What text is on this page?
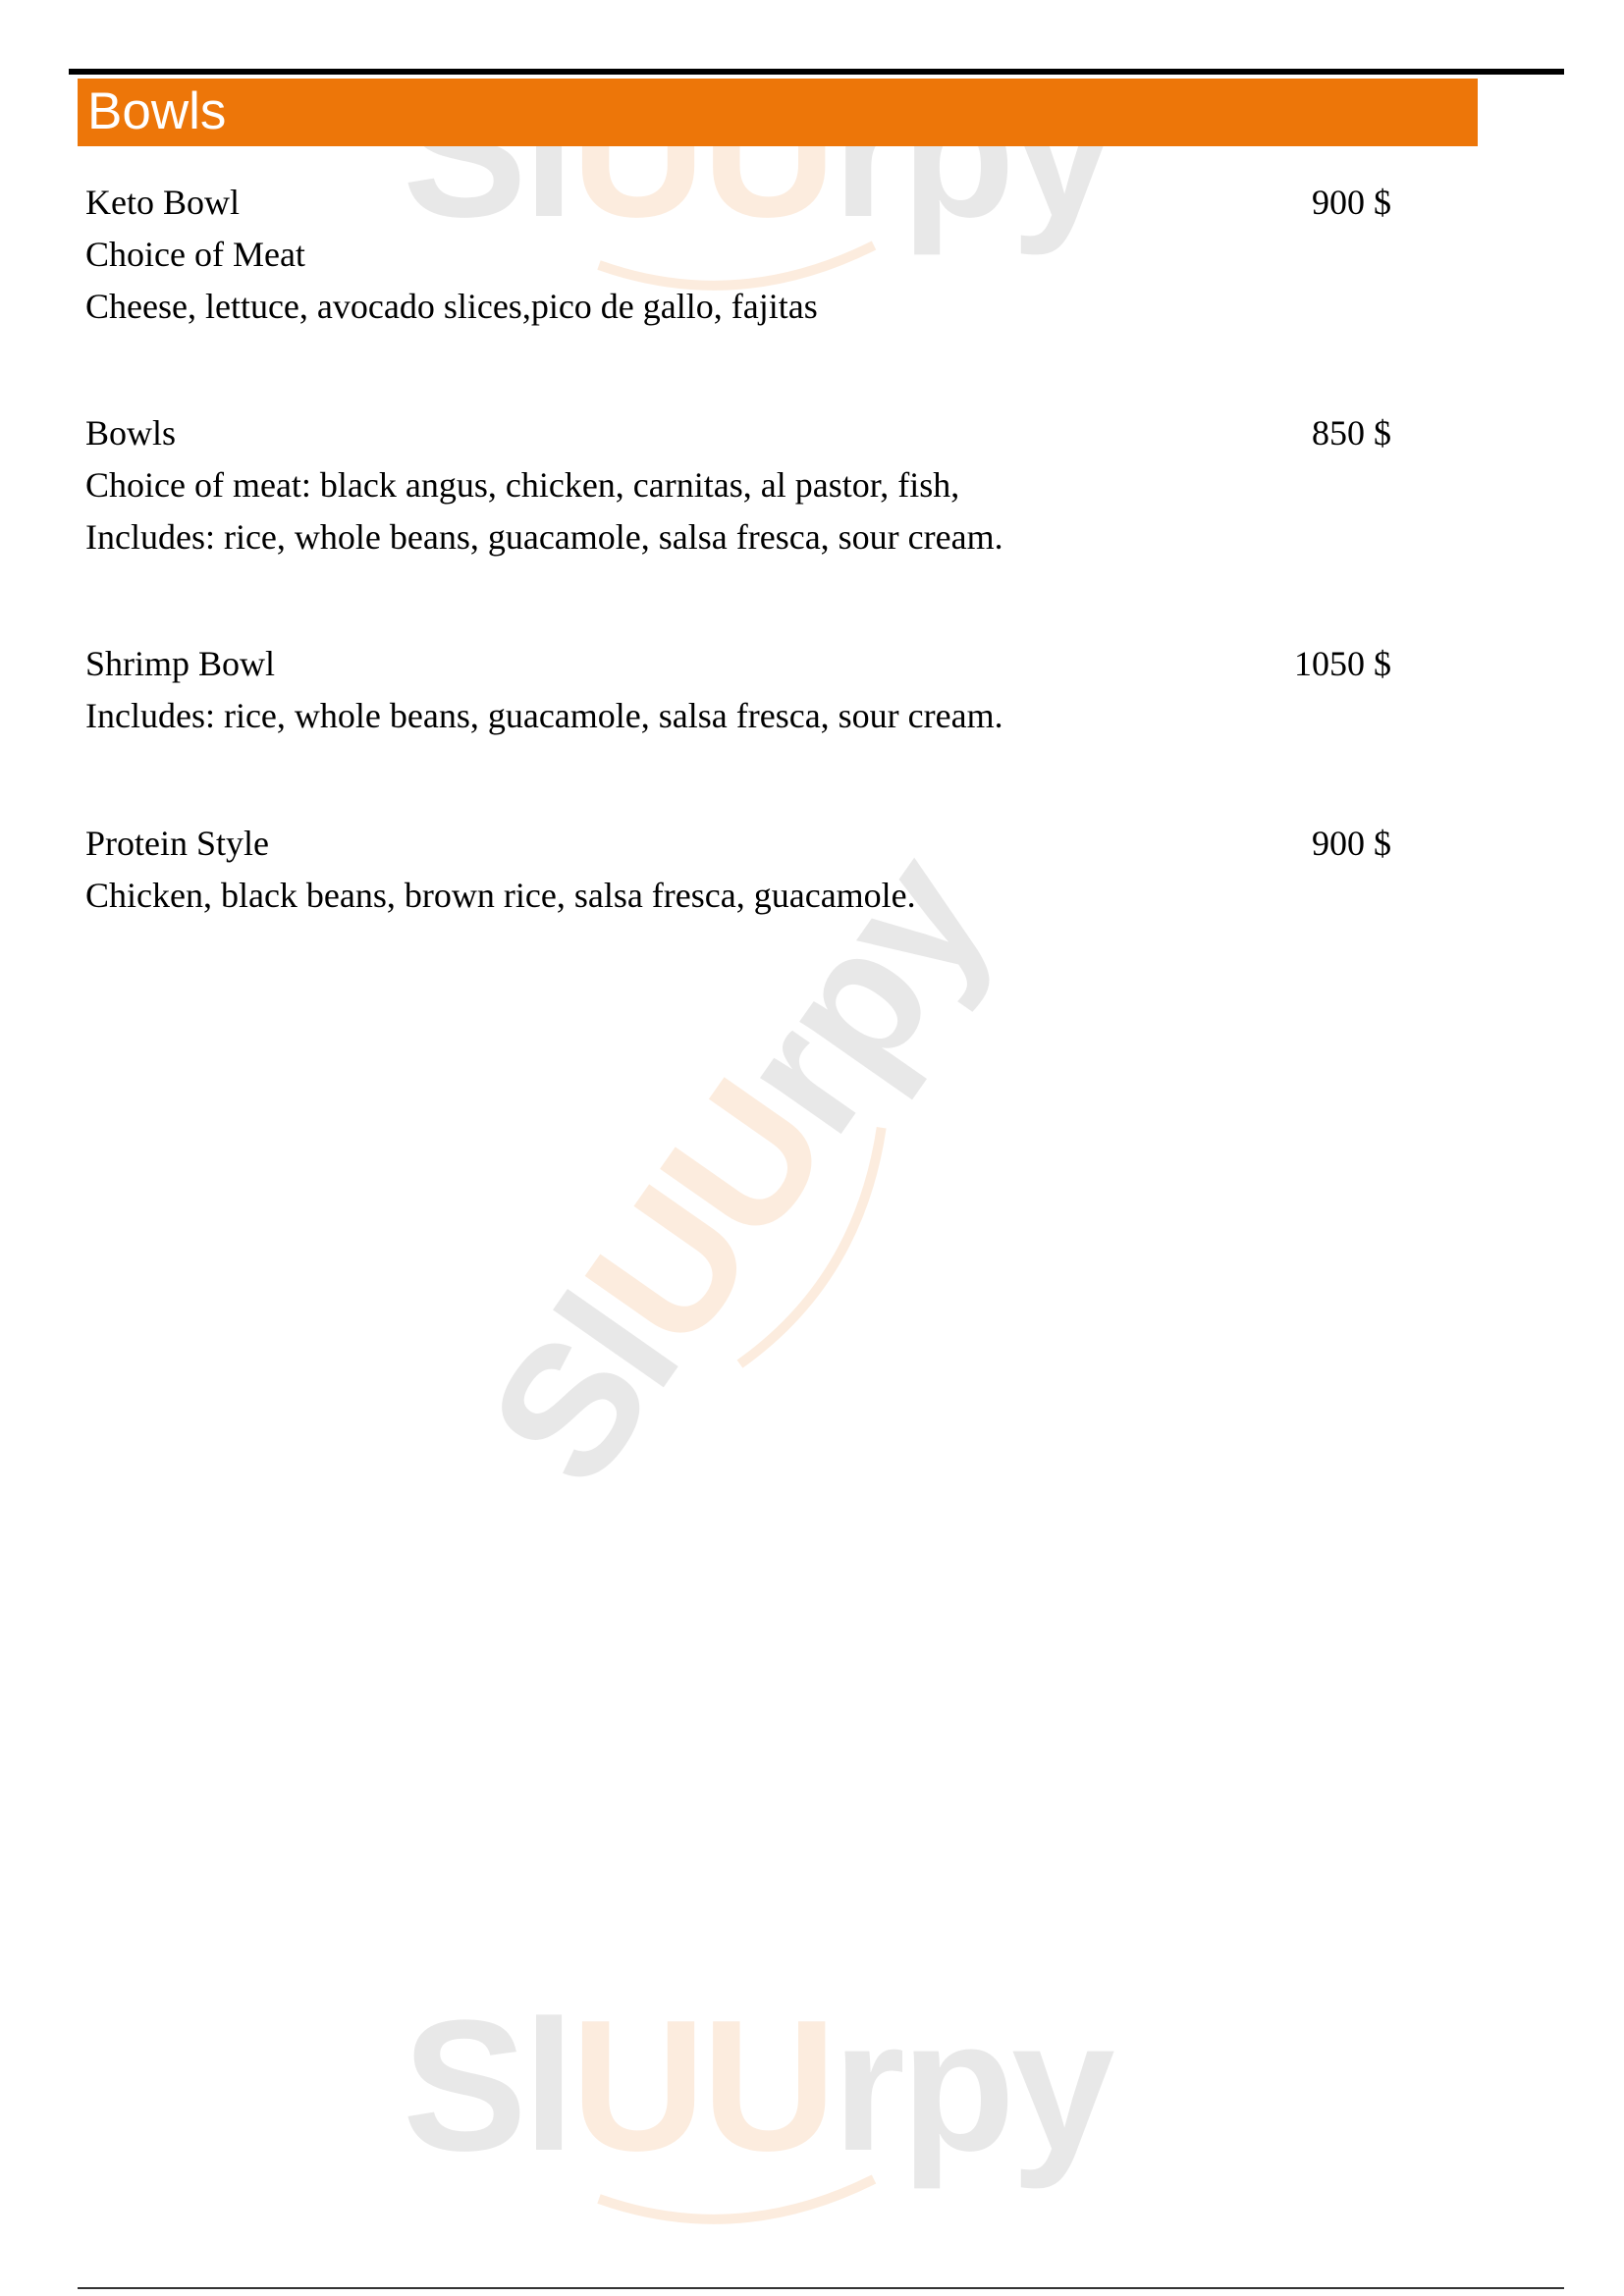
SlUUrpy
SlUUrpy
SlUUrpy
Bowls
Keto Bowl
Choice of Meat
Cheese, lettuce, avocado slices,pico de gallo, fajitas
900 $
Bowls
Choice of meat: black angus, chicken, carnitas, al pastor, fish,
Includes: rice, whole beans, guacamole, salsa fresca, sour cream.
850 $
Shrimp Bowl
Includes: rice, whole beans, guacamole, salsa fresca, sour cream.
1050 $
Protein Style
Chicken, black beans, brown rice, salsa fresca, guacamole.
900 $
